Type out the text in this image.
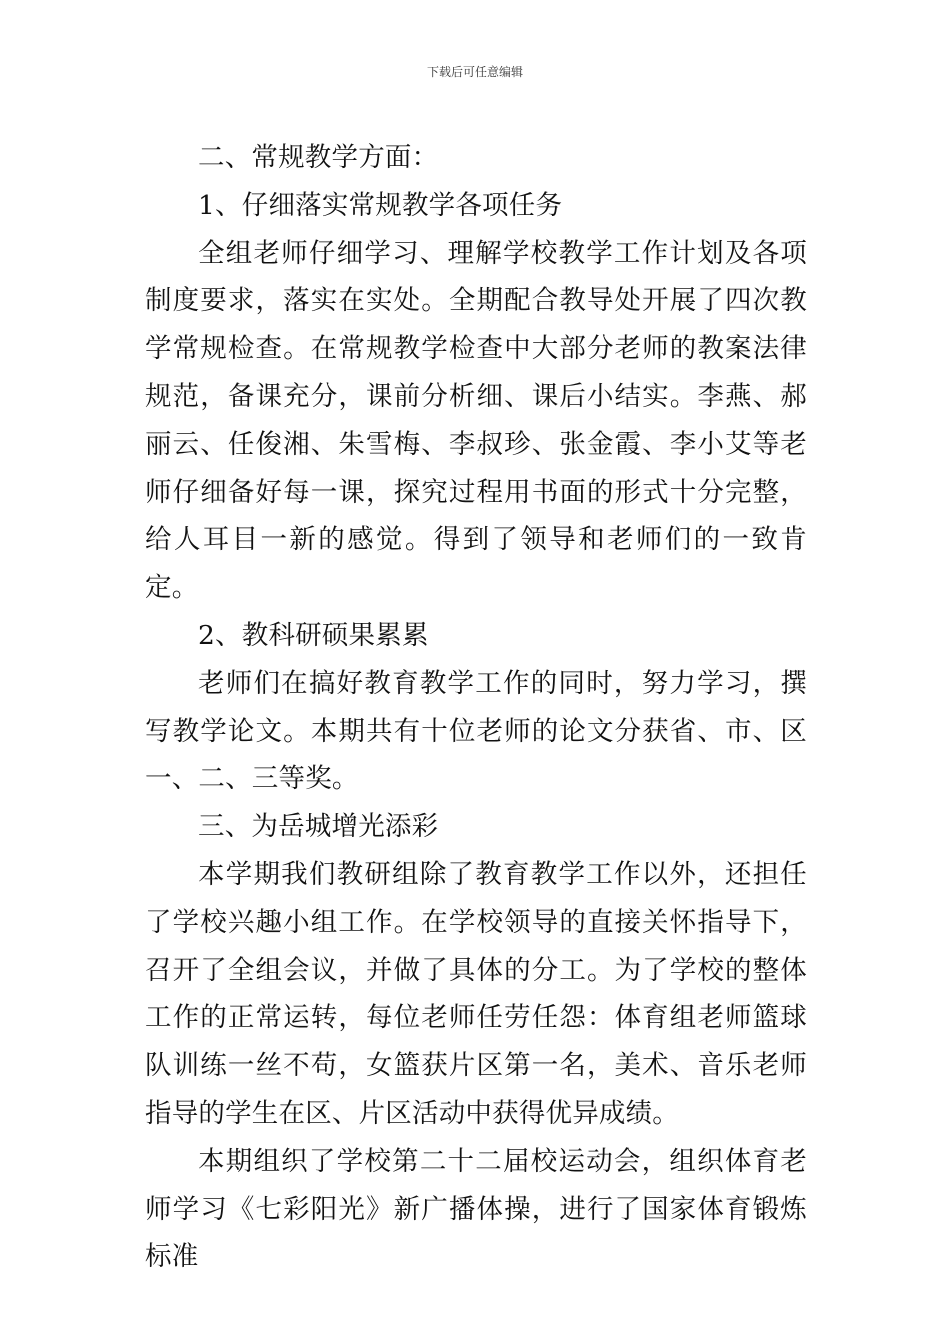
下载后可任意编辑

二、常规教学方面：

1、仔细落实常规教学各项任务

全组老师仔细学习、理解学校教学工作计划及各项制度要求，落实在实处。全期配合教导处开展了四次教学常规检查。在常规教学检查中大部分老师的教案法律规范，备课充分，课前分析细、课后小结实。李燕、郝丽云、任俊湘、朱雪梅、李叔珍、张金霞、李小艾等老师仔细备好每一课，探究过程用书面的形式十分完整，给人耳目一新的感觉。得到了领导和老师们的一致肯定。

2、教科研硕果累累

老师们在搞好教育教学工作的同时，努力学习，撰写教学论文。本期共有十位老师的论文分获省、市、区一、二、三等奖。

三、为岳城增光添彩

本学期我们教研组除了教育教学工作以外，还担任了学校兴趣小组工作。在学校领导的直接关怀指导下，召开了全组会议，并做了具体的分工。为了学校的整体工作的正常运转，每位老师任劳任怨：体育组老师篮球队训练一丝不苟，女篮获片区第一名，美术、音乐老师指导的学生在区、片区活动中获得优异成绩。

本期组织了学校第二十二届校运动会，组织体育老师学习《七彩阳光》新广播体操，进行了国家体育锻炼标准
